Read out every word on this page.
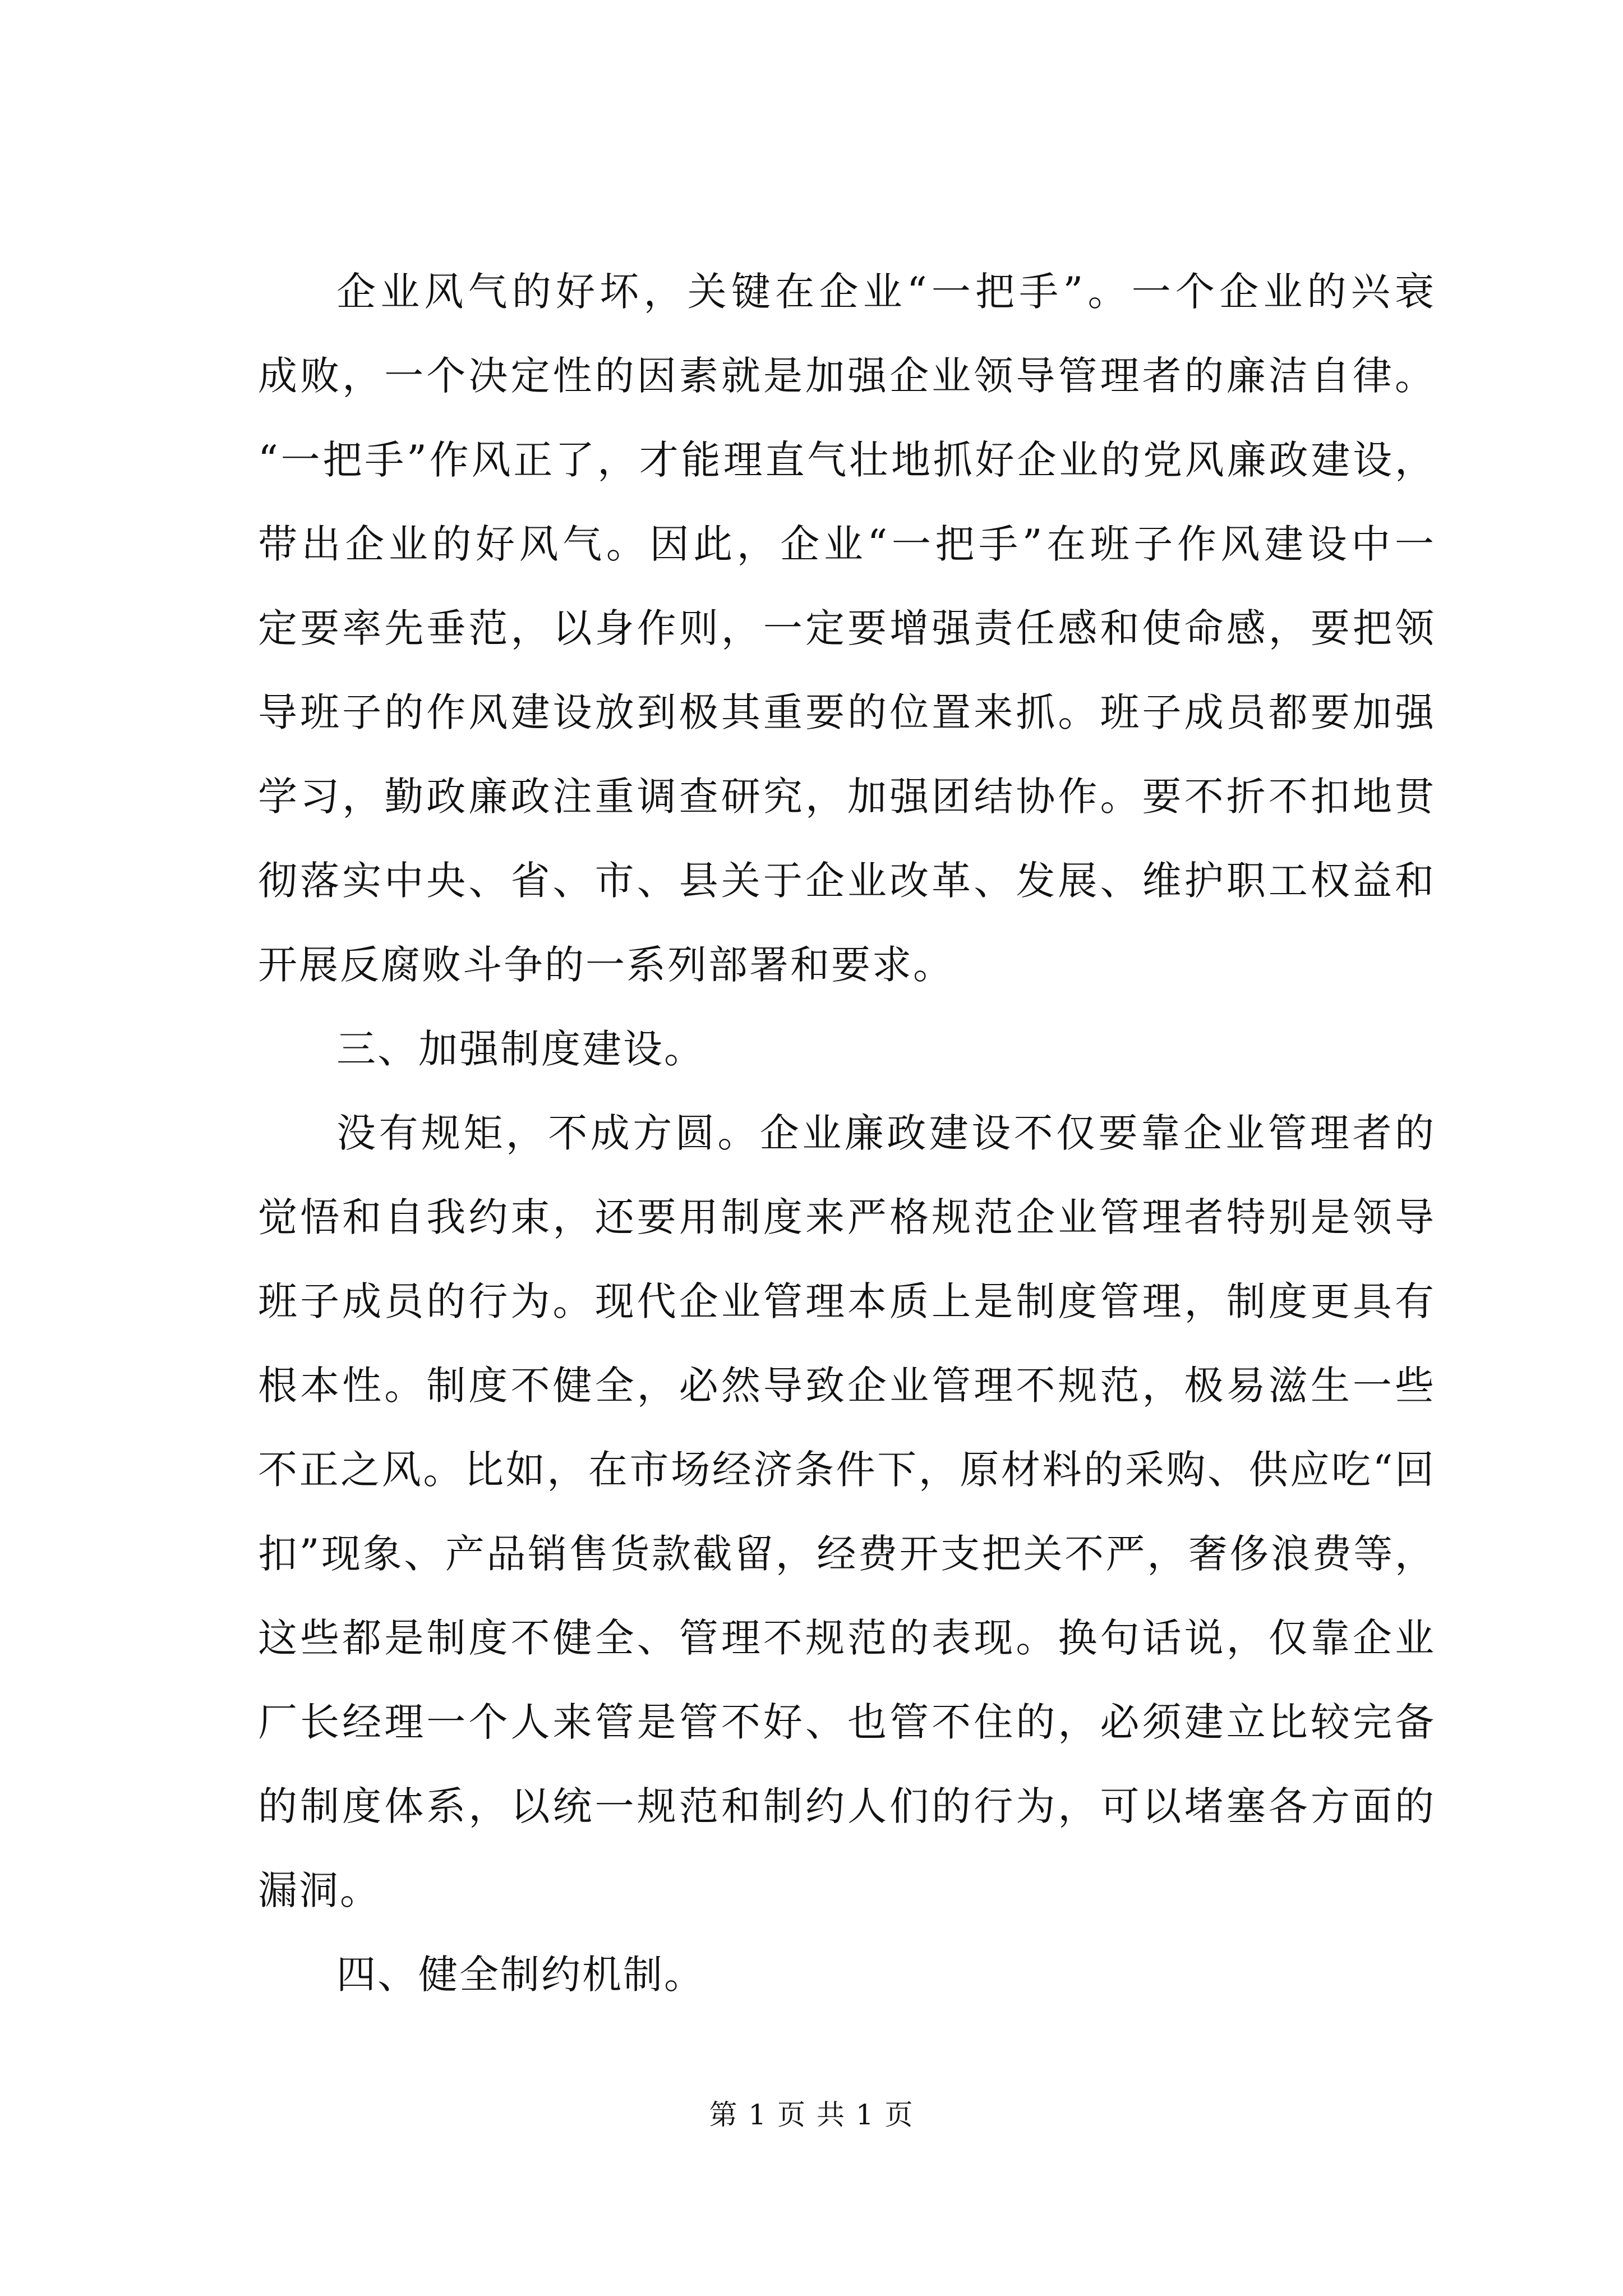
企业风气的好坏，关键在企业“一把手”。一个企业的兴衰
成败，一个决定性的因素就是加强企业领导管理者的廉洁自律。
“一把手”作风正了，才能理直气壮地抓好企业的党风廉政建设，
带出企业的好风气。因此，企业“一把手”在班子作风建设中一
定要率先垂范，以身作则，一定要增强责任感和使命感，要把领
导班子的作风建设放到极其重要的位置来抓。班子成员都要加强
学习，勤政廉政注重调查研究，加强团结协作。要不折不扣地贯
彻落实中央、省、市、县关于企业改革、发展、维护职工权益和
开展反腐败斗争的一系列部署和要求。
三、加强制度建设。
没有规矩，不成方圆。企业廉政建设不仅要靠企业管理者的
觉悟和自我约束，还要用制度来严格规范企业管理者特别是领导
班子成员的行为。现代企业管理本质上是制度管理，制度更具有
根本性。制度不健全，必然导致企业管理不规范，极易滋生一些
不正之风。比如，在市场经济条件下，原材料的采购、供应吃“回
扣”现象、产品销售货款截留，经费开支把关不严，奢侈浪费等，
这些都是制度不健全、管理不规范的表现。换句话说，仅靠企业
厂长经理一个人来管是管不好、也管不住的，必须建立比较完备
的制度体系，以统一规范和制约人们的行为，可以堵塞各方面的
漏洞。
第 1 页 共 1 页
四、健全制约机制。
